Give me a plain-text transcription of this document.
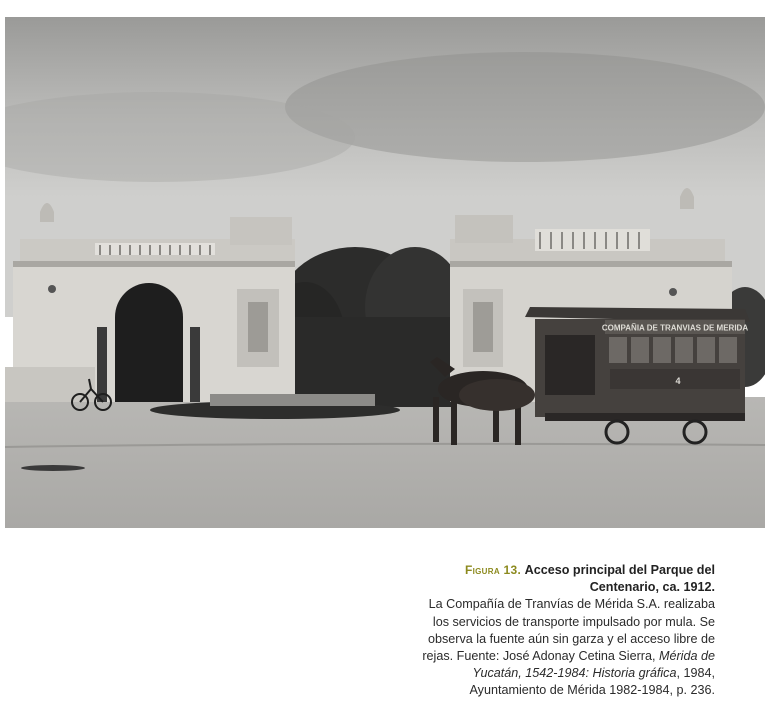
COMPAÑIA DE TRANVIAS DE MERIDA
4
Figura 13. Acceso principal del Parque del Centenario, ca. 1912.
La Compañía de Tranvías de Mérida S.A. realizaba los servicios de transporte impulsado por mula. Se observa la fuente aún sin garza y el acceso libre de rejas. Fuente: José Adonay Cetina Sierra, Mérida de Yucatán, 1542-1984: Historia gráfica, 1984, Ayuntamiento de Mérida 1982-1984, p. 236.
